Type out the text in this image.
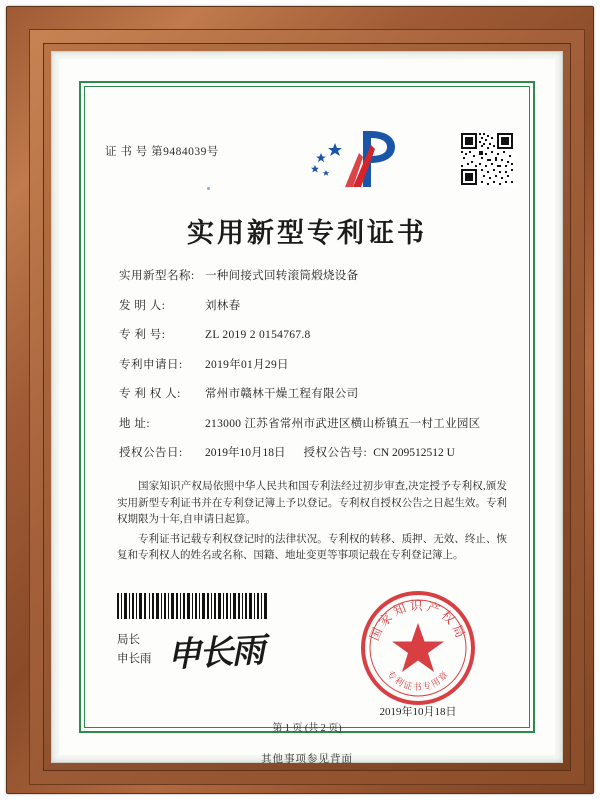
证 书 号 第9484039号
实用新型专利证书
实用新型名称: 一种间接式回转滚筒煅烧设备
发 明 人:	刘林春
专 利 号:	ZL 2019 2 0154767.8
专利申请日:	2019年01月29日
专 利 权 人:	常州市赣林干燥工程有限公司
地 址:	213000 江苏省常州市武进区横山桥镇五一村工业园区
授权公告日:	2019年10月18日 授权公告号: CN 209512512 U

国家知识产权局依照中华人民共和国专利法经过初步审查,决定授予专利权,颁发实用新型专利证书并在专利登记簿上予以登记。专利权自授权公告之日起生效。专利权期限为十年,自申请日起算。

专利证书记载专利权登记时的法律状况。专利权的转移、质押、无效、终止、恢复和专利权人的姓名或名称、国籍、地址变更等事项记载在专利登记簿上。

局长
申长雨 申长雨	国家知识产权局
专利证书专用章
2019年10月18日
第 1 页 (共 2 页)
其他事项参见背面
